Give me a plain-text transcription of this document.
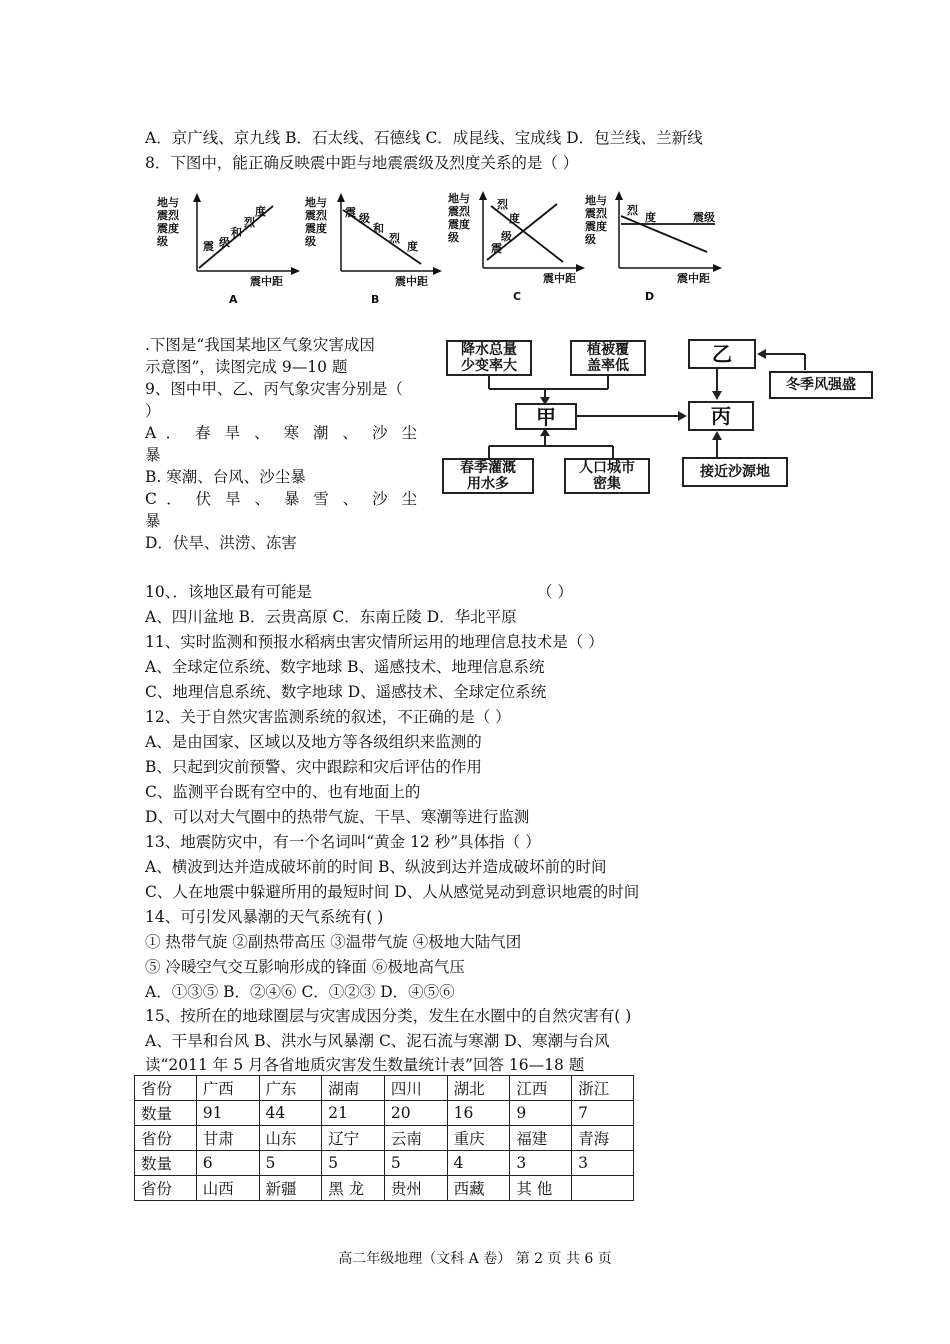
A．京广线、京九线 B．石太线、石德线 C．成昆线、宝成线 D．包兰线、兰新线
8．下图中，能正确反映震中距与地震震级及烈度关系的是（ ）
地与
震烈
震度
级
度
烈
和
级
震
震中距
A
地与
震烈
震度
级
震 级
和
烈
度
震中距
B
地与
震烈
震度
级
烈
度
级
震
震中距
C
地与
震烈
震度
级
烈
度	震级
震中距
D
.下图是“我国某地区气象灾害成因
示意图”，读图完成 9—10 题
9、图中甲、乙、丙气象灾害分别是（
）
A ． 春 旱 、 寒 潮 、 沙 尘
暴
B. 寒潮、台风、沙尘暴
C ． 伏 旱 、 暴 雪 、 沙 尘
暴
D．伏旱、洪涝、冻害
降水总量
少变率大
植被覆
盖率低	乙
冬季风强盛
甲	丙
春季灌溉
用水多
人口城市
密集
接近沙源地
10、．该地区最有可能是	（ ）
A、四川盆地 B．云贵高原 C．东南丘陵 D．华北平原
11、实时监测和预报水稻病虫害灾情所运用的地理信息技术是（ ）
A、全球定位系统、数字地球 B、遥感技术、地理信息系统
C、地理信息系统、数字地球 D、遥感技术、全球定位系统
12、关于自然灾害监测系统的叙述，不正确的是（ ）
A、是由国家、区域以及地方等各级组织来监测的
B、只起到灾前预警、灾中跟踪和灾后评估的作用
C、监测平台既有空中的、也有地面上的
D、可以对大气圈中的热带气旋、干旱、寒潮等进行监测
13、地震防灾中，有一个名词叫“黄金 12 秒”具体指（ ）
A、横波到达并造成破坏前的时间 B、纵波到达并造成破坏前的时间
C、人在地震中躲避所用的最短时间 D、人从感觉晃动到意识地震的时间
14、可引发风暴潮的天气系统有( )
① 热带气旋 ②副热带高压 ③温带气旋 ④极地大陆气团
⑤ 冷暖空气交互影响形成的锋面 ⑥极地高气压
A．①③⑤ B．②④⑥ C．①②③ D．④⑤⑥
15、按所在的地球圈层与灾害成因分类，发生在水圈中的自然灾害有( )
A、干旱和台风 B、洪水与风暴潮 C、泥石流与寒潮 D、寒潮与台风
读“2011 年 5 月各省地质灾害发生数量统计表”回答 16—18 题
省份	广西	广东	湖南	四川	湖北	江西	浙江
数量	91	44	21	20	16	9	7
省份	甘肃	山东	辽宁	云南	重庆	福建	青海
数量	6	5	5	5	4	3	3
省份	山西	新疆	黑 龙	贵州	西藏	其 他	
高二年级地理（文科 A 卷） 第 2 页 共 6 页
